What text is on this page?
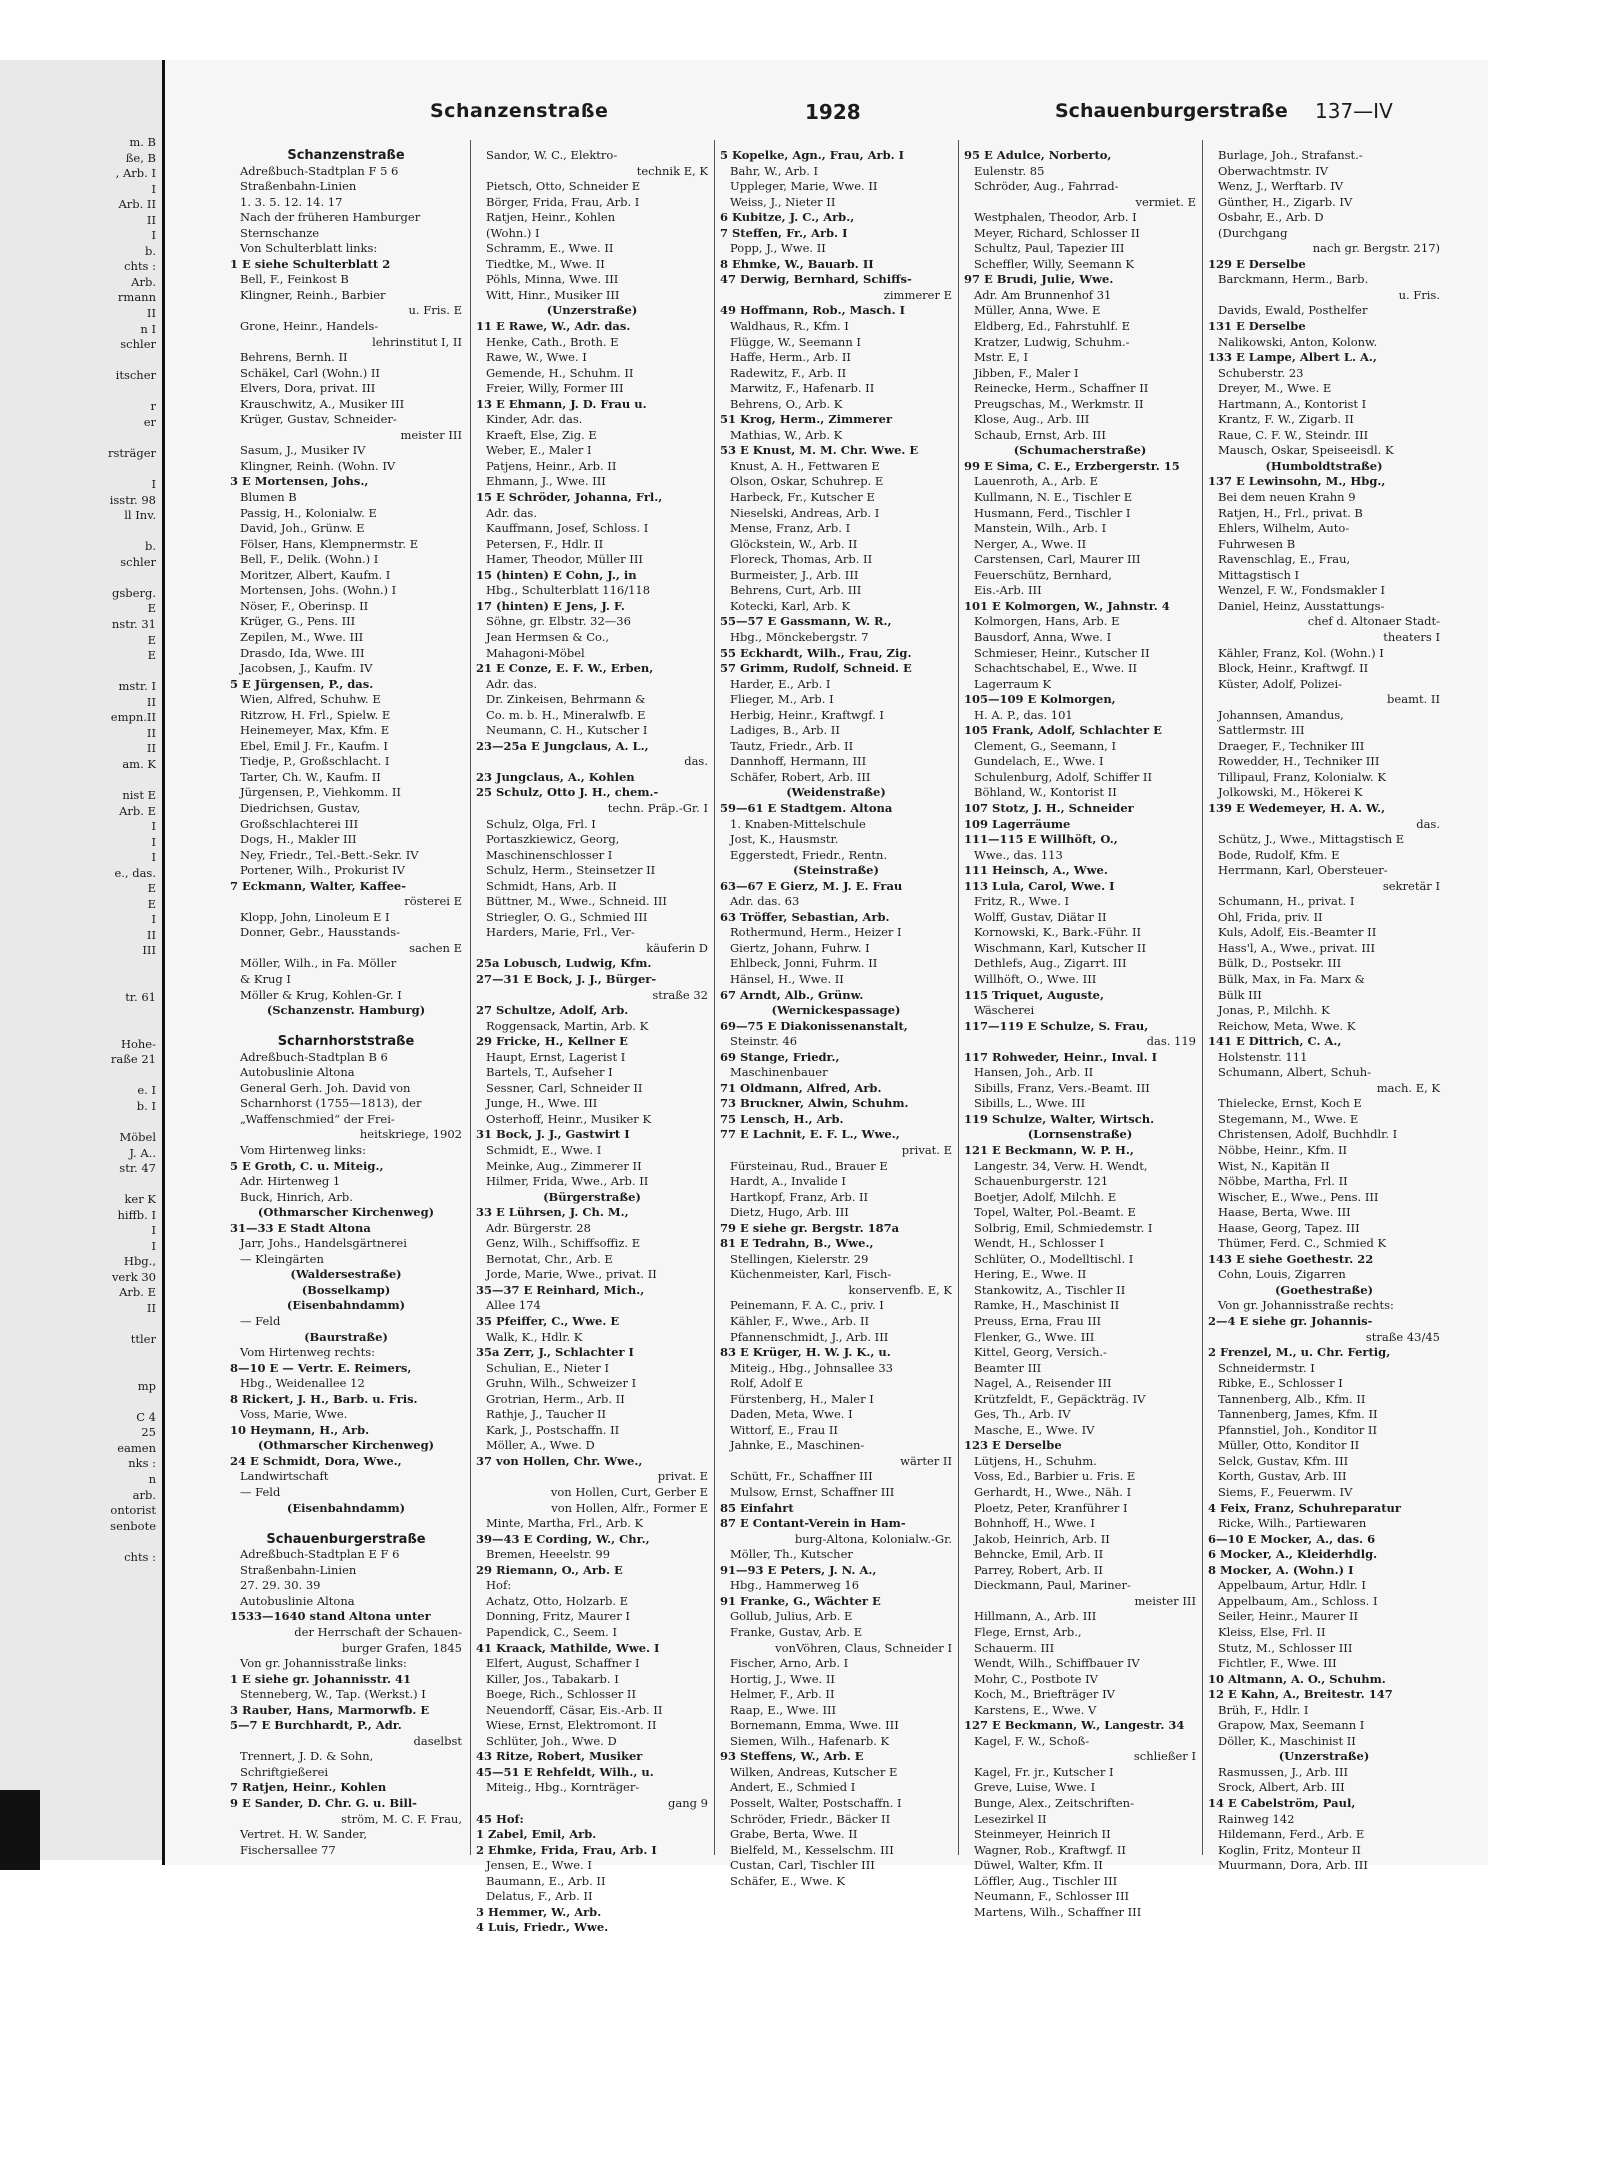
m. B
ße, B
, Arb. I
I
Arb. II
II
I
b.
chts :
Arb.
rmann
II
n I
schler

itscher

r
er

rsträger

I
isstr. 98
ll Inv.

b.
schler

gsberg.
E
nstr. 31
E
E

mstr. I
II
empn.II
II
II
am. K

nist E
Arb. E
I
I
I
e., das.
E
E
I
II
III

tr. 61

Hohe-
raße 21

e. I
b. I

Möbel
J. A..
str. 47

ker K
hiffb. I
I
I
Hbg.,
verk 30
Arb. E
II

ttler

mp

C 4
25
eamen
nks :
n
arb.
ontorist
senbote

chts :
Schanzenstraße	1928	Schauenburgerstraße 137—IV
Schanzenstraße
Adreßbuch-Stadtplan F 5 6
Straßenbahn-Linien
1. 3. 5. 12. 14. 17
Nach der früheren Hamburger
Sternschanze
Von Schulterblatt links:
1 E siehe Schulterblatt 2
Bell, F., Feinkost B
Klingner, Reinh., Barbier
u. Fris. E
Grone, Heinr., Handels-
lehrinstitut I, II
Behrens, Bernh. II
Schäkel, Carl (Wohn.) II
Elvers, Dora, privat. III
Krauschwitz, A., Musiker III
Krüger, Gustav, Schneider-
meister III
Sasum, J., Musiker IV
Klingner, Reinh. (Wohn. IV
3 E Mortensen, Johs.,
Blumen B
Passig, H., Kolonialw. E
David, Joh., Grünw. E
Fölser, Hans, Klempnermstr. E
Bell, F., Delik. (Wohn.) I
Moritzer, Albert, Kaufm. I
Mortensen, Johs. (Wohn.) I
Nöser, F., Oberinsp. II
Krüger, G., Pens. III
Zepilen, M., Wwe. III
Drasdo, Ida, Wwe. III
Jacobsen, J., Kaufm. IV
5 E Jürgensen, P., das.
Wien, Alfred, Schuhw. E
Ritzrow, H. Frl., Spielw. E
Heinemeyer, Max, Kfm. E
Ebel, Emil J. Fr., Kaufm. I
Tiedje, P., Großschlacht. I
Tarter, Ch. W., Kaufm. II
Jürgensen, P., Viehkomm. II
Diedrichsen, Gustav,
Großschlachterei III
Dogs, H., Makler III
Ney, Friedr., Tel.-Bett.-Sekr. IV
Portener, Wilh., Prokurist IV
7 Eckmann, Walter, Kaffee-
rösterei E
Klopp, John, Linoleum E I
Donner, Gebr., Hausstands-
sachen E
Möller, Wilh., in Fa. Möller
& Krug I
Möller & Krug, Kohlen-Gr. I
(Schanzenstr. Hamburg)

Scharnhorststraße
Adreßbuch-Stadtplan B 6
Autobuslinie Altona
General Gerh. Joh. David von
Scharnhorst (1755—1813), der
„Waffenschmied“ der Frei-
heitskriege, 1902
Vom Hirtenweg links:
5 E Groth, C. u. Miteig.,
Adr. Hirtenweg 1
Buck, Hinrich, Arb.
(Othmarscher Kirchenweg)
31—33 E Stadt Altona
Jarr, Johs., Handelsgärtnerei
— Kleingärten
(Waldersestraße)
(Bosselkamp)
(Eisenbahndamm)
— Feld
(Baurstraße)
Vom Hirtenweg rechts:
8—10 E — Vertr. E. Reimers,
Hbg., Weidenallee 12
8 Rickert, J. H., Barb. u. Fris.
Voss, Marie, Wwe.
10 Heymann, H., Arb.
(Othmarscher Kirchenweg)
24 E Schmidt, Dora, Wwe.,
Landwirtschaft
— Feld
(Eisenbahndamm)

Schauenburgerstraße
Adreßbuch-Stadtplan E F 6
Straßenbahn-Linien
27. 29. 30. 39
Autobuslinie Altona
1533—1640 stand Altona unter
der Herrschaft der Schauen-
burger Grafen, 1845
Von gr. Johannisstraße links:
1 E siehe gr. Johannisstr. 41
Stenneberg, W., Tap. (Werkst.) I
3 Rauber, Hans, Marmorwfb. E
5—7 E Burchhardt, P., Adr.
daselbst
Trennert, J. D. & Sohn,
Schriftgießerei
7 Ratjen, Heinr., Kohlen
9 E Sander, D. Chr. G. u. Bill-
ström, M. C. F. Frau,
Vertret. H. W. Sander,
Fischersallee 77
Sandor, W. C., Elektro-
technik E, K
Pietsch, Otto, Schneider E
Börger, Frida, Frau, Arb. I
Ratjen, Heinr., Kohlen
(Wohn.) I
Schramm, E., Wwe. II
Tiedtke, M., Wwe. II
Pöhls, Minna, Wwe. III
Witt, Hinr., Musiker III
(Unzerstraße)
11 E Rawe, W., Adr. das.
Henke, Cath., Broth. E
Rawe, W., Wwe. I
Gemende, H., Schuhm. II
Freier, Willy, Former III
13 E Ehmann, J. D. Frau u.
Kinder, Adr. das.
Kraeft, Else, Zig. E
Weber, E., Maler I
Patjens, Heinr., Arb. II
Ehmann, J., Wwe. III
15 E Schröder, Johanna, Frl.,
Adr. das.
Kauffmann, Josef, Schloss. I
Petersen, F., Hdlr. II
Hamer, Theodor, Müller III
15 (hinten) E Cohn, J., in
Hbg., Schulterblatt 116/118
17 (hinten) E Jens, J. F.
Söhne, gr. Elbstr. 32—36
Jean Hermsen & Co.,
Mahagoni-Möbel
21 E Conze, E. F. W., Erben,
Adr. das.
Dr. Zinkeisen, Behrmann &
Co. m. b. H., Mineralwfb. E
Neumann, C. H., Kutscher I
23—25a E Jungclaus, A. L.,
das.
23 Jungclaus, A., Kohlen
25 Schulz, Otto J. H., chem.-
techn. Präp.-Gr. I
Schulz, Olga, Frl. I
Portaszkiewicz, Georg,
Maschinenschlosser I
Schulz, Herm., Steinsetzer II
Schmidt, Hans, Arb. II
Büttner, M., Wwe., Schneid. III
Striegler, O. G., Schmied III
Harders, Marie, Frl., Ver-
käuferin D
25a Lobusch, Ludwig, Kfm.
27—31 E Bock, J. J., Bürger-
straße 32
27 Schultze, Adolf, Arb.
Roggensack, Martin, Arb. K
29 Fricke, H., Kellner E
Haupt, Ernst, Lagerist I
Bartels, T., Aufseher I
Sessner, Carl, Schneider II
Junge, H., Wwe. III
Osterhoff, Heinr., Musiker K
31 Bock, J. J., Gastwirt I
Schmidt, E., Wwe. I
Meinke, Aug., Zimmerer II
Hilmer, Frida, Wwe., Arb. II
(Bürgerstraße)
33 E Lührsen, J. Ch. M.,
Adr. Bürgerstr. 28
Genz, Wilh., Schiffsoffiz. E
Bernotat, Chr., Arb. E
Jorde, Marie, Wwe., privat. II
35—37 E Reinhard, Mich.,
Allee 174
35 Pfeiffer, C., Wwe. E
Walk, K., Hdlr. K
35a Zerr, J., Schlachter I
Schulian, E., Nieter I
Gruhn, Wilh., Schweizer I
Grotrian, Herm., Arb. II
Rathje, J., Taucher II
Kark, J., Postschaffn. II
Möller, A., Wwe. D
37 von Hollen, Chr. Wwe.,
privat. E
von Hollen, Curt, Gerber E
von Hollen, Alfr., Former E
Minte, Martha, Frl., Arb. K
39—43 E Cording, W., Chr.,
Bremen, Heeelstr. 99
29 Riemann, O., Arb. E
Hof:
Achatz, Otto, Holzarb. E
Donning, Fritz, Maurer I
Papendick, C., Seem. I
41 Kraack, Mathilde, Wwe. I
Elfert, August, Schaffner I
Killer, Jos., Tabakarb. I
Boege, Rich., Schlosser II
Neuendorff, Cäsar, Eis.-Arb. II
Wiese, Ernst, Elektromont. II
Schlüter, Joh., Wwe. D
43 Ritze, Robert, Musiker
45—51 E Rehfeldt, Wilh., u.
Miteig., Hbg., Kornträger-
gang 9
45 Hof:
1 Zabel, Emil, Arb.
2 Ehmke, Frida, Frau, Arb. I
Jensen, E., Wwe. I
Baumann, E., Arb. II
Delatus, F., Arb. II
3 Hemmer, W., Arb.
4 Luis, Friedr., Wwe.
5 Kopelke, Agn., Frau, Arb. I
Bahr, W., Arb. I
Uppleger, Marie, Wwe. II
Weiss, J., Nieter II
6 Kubitze, J. C., Arb.,
7 Steffen, Fr., Arb. I
Popp, J., Wwe. II
8 Ehmke, W., Bauarb. II
47 Derwig, Bernhard, Schiffs-
zimmerer E
49 Hoffmann, Rob., Masch. I
Waldhaus, R., Kfm. I
Flügge, W., Seemann I
Haffe, Herm., Arb. II
Radewitz, F., Arb. II
Marwitz, F., Hafenarb. II
Behrens, O., Arb. K
51 Krog, Herm., Zimmerer
Mathias, W., Arb. K
53 E Knust, M. M. Chr. Wwe. E
Knust, A. H., Fettwaren E
Olson, Oskar, Schuhrep. E
Harbeck, Fr., Kutscher E
Nieselski, Andreas, Arb. I
Mense, Franz, Arb. I
Glöckstein, W., Arb. II
Floreck, Thomas, Arb. II
Burmeister, J., Arb. III
Behrens, Curt, Arb. III
Kotecki, Karl, Arb. K
55—57 E Gassmann, W. R.,
Hbg., Mönckebergstr. 7
55 Eckhardt, Wilh., Frau, Zig.
57 Grimm, Rudolf, Schneid. E
Harder, E., Arb. I
Flieger, M., Arb. I
Herbig, Heinr., Kraftwgf. I
Ladiges, B., Arb. II
Tautz, Friedr., Arb. II
Dannhoff, Hermann, III
Schäfer, Robert, Arb. III
(Weidenstraße)
59—61 E Stadtgem. Altona
1. Knaben-Mittelschule
Jost, K., Hausmstr.
Eggerstedt, Friedr., Rentn.
(Steinstraße)
63—67 E Gierz, M. J. E. Frau
Adr. das. 63
63 Tröffer, Sebastian, Arb.
Rothermund, Herm., Heizer I
Giertz, Johann, Fuhrw. I
Ehlbeck, Jonni, Fuhrm. II
Hänsel, H., Wwe. II
67 Arndt, Alb., Grünw.
(Wernickespassage)
69—75 E Diakonissenanstalt,
Steinstr. 46
69 Stange, Friedr.,
Maschinenbauer
71 Oldmann, Alfred, Arb.
73 Bruckner, Alwin, Schuhm.
75 Lensch, H., Arb.
77 E Lachnit, E. F. L., Wwe.,
privat. E
Fürsteinau, Rud., Brauer E
Hardt, A., Invalide I
Hartkopf, Franz, Arb. II
Dietz, Hugo, Arb. III
79 E siehe gr. Bergstr. 187a
81 E Tedrahn, B., Wwe.,
Stellingen, Kielerstr. 29
Küchenmeister, Karl, Fisch-
konservenfb. E, K
Peinemann, F. A. C., priv. I
Kähler, F., Wwe., Arb. II
Pfannenschmidt, J., Arb. III
83 E Krüger, H. W. J. K., u.
Miteig., Hbg., Johnsallee 33
Rolf, Adolf E
Fürstenberg, H., Maler I
Daden, Meta, Wwe. I
Wittorf, E., Frau II
Jahnke, E., Maschinen-
wärter II
Schütt, Fr., Schaffner III
Mulsow, Ernst, Schaffner III
85 Einfahrt
87 E Contant-Verein in Ham-
burg-Altona, Kolonialw.-Gr.
Möller, Th., Kutscher
91—93 E Peters, J. N. A.,
Hbg., Hammerweg 16
91 Franke, G., Wächter E
Gollub, Julius, Arb. E
Franke, Gustav, Arb. E
vonVöhren, Claus, Schneider I
Fischer, Arno, Arb. I
Hortig, J., Wwe. II
Helmer, F., Arb. II
Raap, E., Wwe. III
Bornemann, Emma, Wwe. III
Siemen, Wilh., Hafenarb. K
93 Steffens, W., Arb. E
Wilken, Andreas, Kutscher E
Andert, E., Schmied I
Posselt, Walter, Postschaffn. I
Schröder, Friedr., Bäcker II
Grabe, Berta, Wwe. II
Bielfeld, M., Kesselschm. III
Custan, Carl, Tischler III
Schäfer, E., Wwe. K
95 E Adulce, Norberto,
Eulenstr. 85
Schröder, Aug., Fahrrad-
vermiet. E
Westphalen, Theodor, Arb. I
Meyer, Richard, Schlosser II
Schultz, Paul, Tapezier III
Scheffler, Willy, Seemann K
97 E Brudi, Julie, Wwe.
Adr. Am Brunnenhof 31
Müller, Anna, Wwe. E
Eldberg, Ed., Fahrstuhlf. E
Kratzer, Ludwig, Schuhm.-
Mstr. E, I
Jibben, F., Maler I
Reinecke, Herm., Schaffner II
Preugschas, M., Werkmstr. II
Klose, Aug., Arb. III
Schaub, Ernst, Arb. III
(Schumacherstraße)
99 E Sima, C. E., Erzbergerstr. 15
Lauenroth, A., Arb. E
Kullmann, N. E., Tischler E
Husmann, Ferd., Tischler I
Manstein, Wilh., Arb. I
Nerger, A., Wwe. II
Carstensen, Carl, Maurer III
Feuerschütz, Bernhard,
Eis.-Arb. III
101 E Kolmorgen, W., Jahnstr. 4
Kolmorgen, Hans, Arb. E
Bausdorf, Anna, Wwe. I
Schmieser, Heinr., Kutscher II
Schachtschabel, E., Wwe. II
Lagerraum K
105—109 E Kolmorgen,
H. A. P., das. 101
105 Frank, Adolf, Schlachter E
Clement, G., Seemann, I
Gundelach, E., Wwe. I
Schulenburg, Adolf, Schiffer II
Böhland, W., Kontorist II
107 Stotz, J. H., Schneider
109 Lagerräume
111—115 E Willhöft, O.,
Wwe., das. 113
111 Heinsch, A., Wwe.
113 Lula, Carol, Wwe. I
Fritz, R., Wwe. I
Wolff, Gustav, Diätar II
Kornowski, K., Bark.-Führ. II
Wischmann, Karl, Kutscher II
Dethlefs, Aug., Zigarrt. III
Willhöft, O., Wwe. III
115 Triquet, Auguste,
Wäscherei
117—119 E Schulze, S. Frau,
das. 119
117 Rohweder, Heinr., Inval. I
Hansen, Joh., Arb. II
Sibills, Franz, Vers.-Beamt. III
Sibills, L., Wwe. III
119 Schulze, Walter, Wirtsch.
(Lornsenstraße)
121 E Beckmann, W. P. H.,
Langestr. 34, Verw. H. Wendt,
Schauenburgerstr. 121
Boetjer, Adolf, Milchh. E
Topel, Walter, Pol.-Beamt. E
Solbrig, Emil, Schmiedemstr. I
Wendt, H., Schlosser I
Schlüter, O., Modelltischl. I
Hering, E., Wwe. II
Stankowitz, A., Tischler II
Ramke, H., Maschinist II
Preuss, Erna, Frau III
Flenker, G., Wwe. III
Kittel, Georg, Versich.-
Beamter III
Nagel, A., Reisender III
Krützfeldt, F., Gepäckträg. IV
Ges, Th., Arb. IV
Masche, E., Wwe. IV
123 E Derselbe
Lütjens, H., Schuhm.
Voss, Ed., Barbier u. Fris. E
Gerhardt, H., Wwe., Näh. I
Ploetz, Peter, Kranführer I
Bohnhoff, H., Wwe. I
Jakob, Heinrich, Arb. II
Behncke, Emil, Arb. II
Parrey, Robert, Arb. II
Dieckmann, Paul, Mariner-
meister III
Hillmann, A., Arb. III
Flege, Ernst, Arb.,
Schauerm. III
Wendt, Wilh., Schiffbauer IV
Mohr, C., Postbote IV
Koch, M., Briefträger IV
Karstens, E., Wwe. V
127 E Beckmann, W., Langestr. 34
Kagel, F. W., Schoß-
schließer I
Kagel, Fr. jr., Kutscher I
Greve, Luise, Wwe. I
Bunge, Alex., Zeitschriften-
Lesezirkel II
Steinmeyer, Heinrich II
Wagner, Rob., Kraftwgf. II
Düwel, Walter, Kfm. II
Löffler, Aug., Tischler III
Neumann, F., Schlosser III
Martens, Wilh., Schaffner III
Burlage, Joh., Strafanst.-
Oberwachtmstr. IV
Wenz, J., Werftarb. IV
Günther, H., Zigarb. IV
Osbahr, E., Arb. D
(Durchgang
nach gr. Bergstr. 217)
129 E Derselbe
Barckmann, Herm., Barb.
u. Fris.
Davids, Ewald, Posthelfer
131 E Derselbe
Nalikowski, Anton, Kolonw.
133 E Lampe, Albert L. A.,
Schuberstr. 23
Dreyer, M., Wwe. E
Hartmann, A., Kontorist I
Krantz, F. W., Zigarb. II
Raue, C. F. W., Steindr. III
Mausch, Oskar, Speiseeisdl. K
(Humboldtstraße)
137 E Lewinsohn, M., Hbg.,
Bei dem neuen Krahn 9
Ratjen, H., Frl., privat. B
Ehlers, Wilhelm, Auto-
Fuhrwesen B
Ravenschlag, E., Frau,
Mittagstisch I
Wenzel, F. W., Fondsmakler I
Daniel, Heinz, Ausstattungs-
chef d. Altonaer Stadt-
theaters I
Kähler, Franz, Kol. (Wohn.) I
Block, Heinr., Kraftwgf. II
Küster, Adolf, Polizei-
beamt. II
Johannsen, Amandus,
Sattlermstr. III
Draeger, F., Techniker III
Rowedder, H., Techniker III
Tillipaul, Franz, Kolonialw. K
Jolkowski, M., Hökerei K
139 E Wedemeyer, H. A. W.,
das.
Schütz, J., Wwe., Mittagstisch E
Bode, Rudolf, Kfm. E
Herrmann, Karl, Obersteuer-
sekretär I
Schumann, H., privat. I
Ohl, Frida, priv. II
Kuls, Adolf, Eis.-Beamter II
Hass'l, A., Wwe., privat. III
Bülk, D., Postsekr. III
Bülk, Max, in Fa. Marx &
Bülk III
Jonas, P., Milchh. K
Reichow, Meta, Wwe. K
141 E Dittrich, C. A.,
Holstenstr. 111
Schumann, Albert, Schuh-
mach. E, K
Thielecke, Ernst, Koch E
Stegemann, M., Wwe. E
Christensen, Adolf, Buchhdlr. I
Nöbbe, Heinr., Kfm. II
Wist, N., Kapitän II
Nöbbe, Martha, Frl. II
Wischer, E., Wwe., Pens. III
Haase, Berta, Wwe. III
Haase, Georg, Tapez. III
Thümer, Ferd. C., Schmied K
143 E siehe Goethestr. 22
Cohn, Louis, Zigarren
(Goethestraße)
Von gr. Johannisstraße rechts:
2—4 E siehe gr. Johannis-
straße 43/45
2 Frenzel, M., u. Chr. Fertig,
Schneidermstr. I
Ribke, E., Schlosser I
Tannenberg, Alb., Kfm. II
Tannenberg, James, Kfm. II
Pfannstiel, Joh., Konditor II
Müller, Otto, Konditor II
Selck, Gustav, Kfm. III
Korth, Gustav, Arb. III
Siems, F., Feuerwm. IV
4 Feix, Franz, Schuhreparatur
Ricke, Wilh., Partiewaren
6—10 E Mocker, A., das. 6
6 Mocker, A., Kleiderhdlg.
8 Mocker, A. (Wohn.) I
Appelbaum, Artur, Hdlr. I
Appelbaum, Am., Schloss. I
Seiler, Heinr., Maurer II
Kleiss, Else, Frl. II
Stutz, M., Schlosser III
Fichtler, F., Wwe. III
10 Altmann, A. O., Schuhm.
12 E Kahn, A., Breitestr. 147
Brüh, F., Hdlr. I
Grapow, Max, Seemann I
Döller, K., Maschinist II
(Unzerstraße)
Rasmussen, J., Arb. III
Srock, Albert, Arb. III
14 E Cabelström, Paul,
Rainweg 142
Hildemann, Ferd., Arb. E
Koglin, Fritz, Monteur II
Muurmann, Dora, Arb. III
